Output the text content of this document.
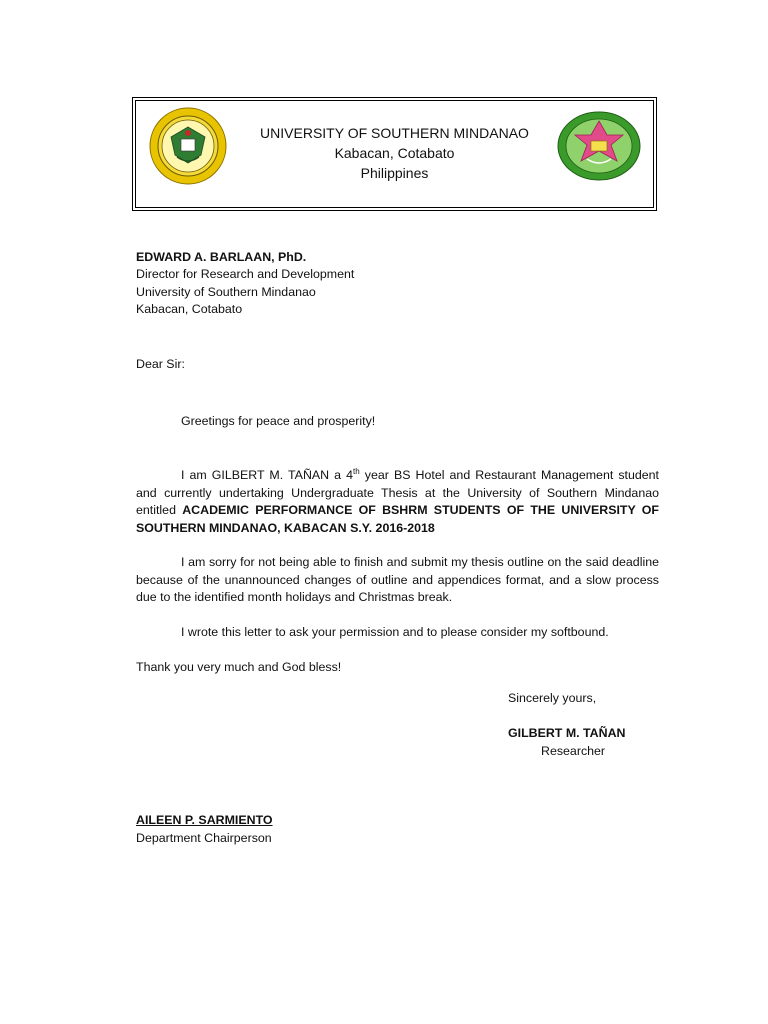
UNIVERSITY OF SOUTHERN MINDANAO
Kabacan, Cotabato
Philippines
EDWARD A. BARLAAN, PhD.
Director for Research and Development
University of Southern Mindanao
Kabacan, Cotabato
Dear Sir:
Greetings for peace and prosperity!
I am GILBERT M. TAÑAN a 4th year BS Hotel and Restaurant Management student and currently undertaking Undergraduate Thesis at the University of Southern Mindanao entitled ACADEMIC PERFORMANCE OF BSHRM STUDENTS OF THE UNIVERSITY OF SOUTHERN MINDANAO, KABACAN S.Y. 2016-2018
I am sorry for not being able to finish and submit my thesis outline on the said deadline because of the unannounced changes of outline and appendices format, and a slow process due to the identified month holidays and Christmas break.
I wrote this letter to ask your permission and to please consider my softbound.
Thank you very much and God bless!
Sincerely yours,
GILBERT M. TAÑAN
Researcher
AILEEN P. SARMIENTO
Department Chairperson
